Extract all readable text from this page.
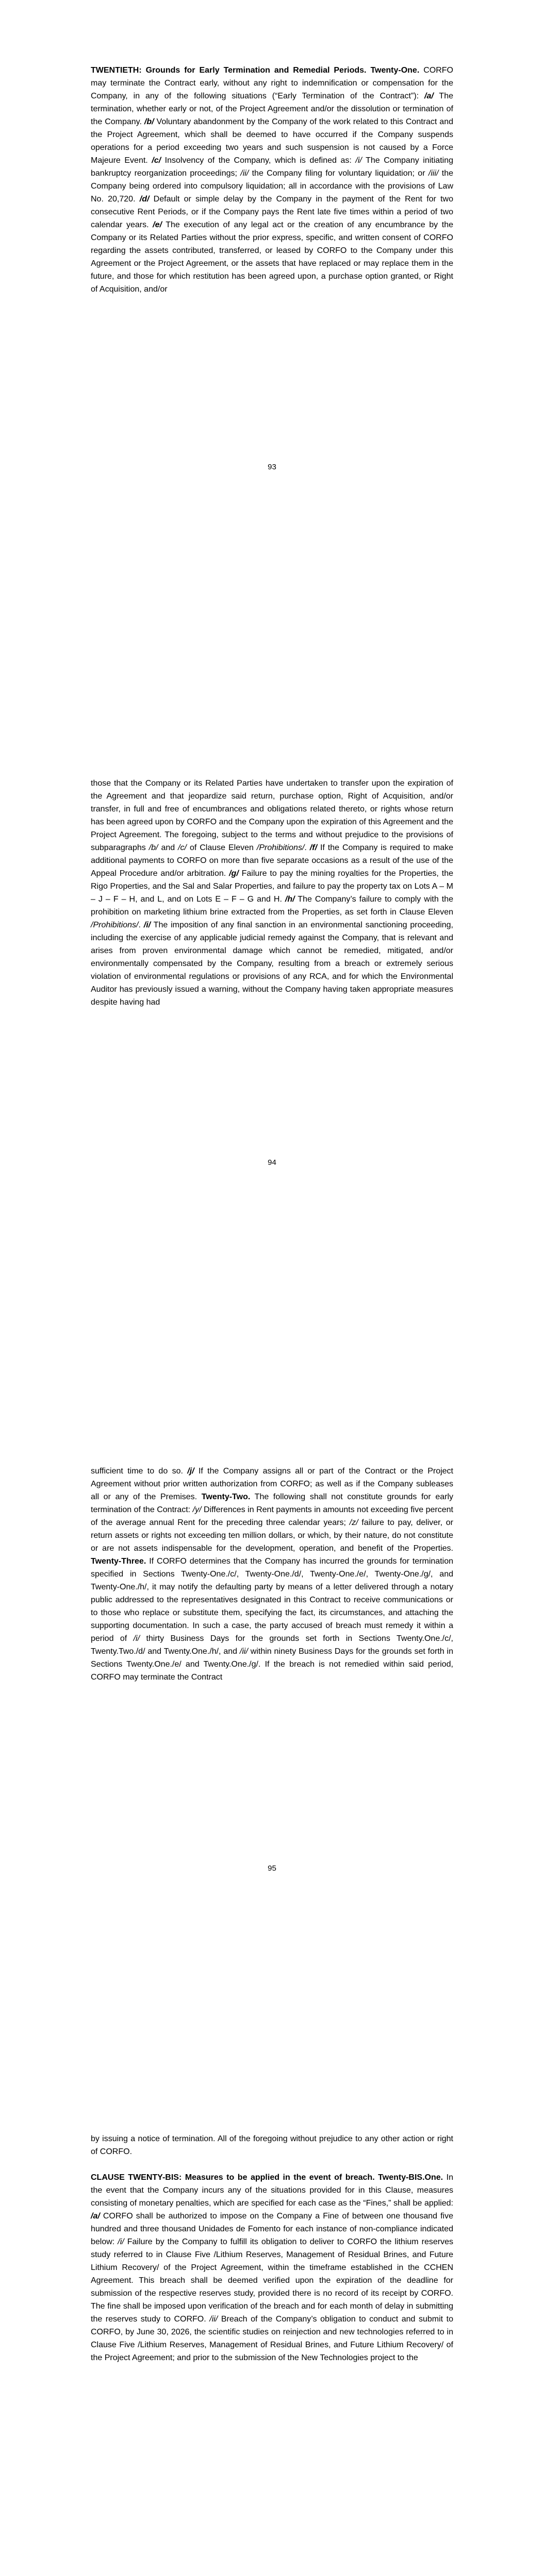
TWENTIETH: Grounds for Early Termination and Remedial Periods. Twenty-One. CORFO may terminate the Contract early, without any right to indemnification or compensation for the Company, in any of the following situations (“Early Termination of the Contract”): /a/ The termination, whether early or not, of the Project Agreement and/or the dissolution or termination of the Company. /b/ Voluntary abandonment by the Company of the work related to this Contract and the Project Agreement, which shall be deemed to have occurred if the Company suspends operations for a period exceeding two years and such suspension is not caused by a Force Majeure Event. /c/ Insolvency of the Company, which is defined as: /i/ The Company initiating bankruptcy reorganization proceedings; /ii/ the Company filing for voluntary liquidation; or /iii/ the Company being ordered into compulsory liquidation; all in accordance with the provisions of Law No. 20,720. /d/ Default or simple delay by the Company in the payment of the Rent for two consecutive Rent Periods, or if the Company pays the Rent late five times within a period of two calendar years. /e/ The execution of any legal act or the creation of any encumbrance by the Company or its Related Parties without the prior express, specific, and written consent of CORFO regarding the assets contributed, transferred, or leased by CORFO to the Company under this Agreement or the Project Agreement, or the assets that have replaced or may replace them in the future, and those for which restitution has been agreed upon, a purchase option granted, or Right of Acquisition, and/or

93

those that the Company or its Related Parties have undertaken to transfer upon the expiration of the Agreement and that jeopardize said return, purchase option, Right of Acquisition, and/or transfer, in full and free of encumbrances and obligations related thereto, or rights whose return has been agreed upon by CORFO and the Company upon the expiration of this Agreement and the Project Agreement. The foregoing, subject to the terms and without prejudice to the provisions of subparagraphs /b/ and /c/ of Clause Eleven /Prohibitions/. /f/ If the Company is required to make additional payments to CORFO on more than five separate occasions as a result of the use of the Appeal Procedure and/or arbitration. /g/ Failure to pay the mining royalties for the Properties, the Rigo Properties, and the Sal and Salar Properties, and failure to pay the property tax on Lots A – M – J – F – H, and L, and on Lots E – F – G and H. /h/ The Company’s failure to comply with the prohibition on marketing lithium brine extracted from the Properties, as set forth in Clause Eleven /Prohibitions/. /i/ The imposition of any final sanction in an environmental sanctioning proceeding, including the exercise of any applicable judicial remedy against the Company, that is relevant and arises from proven environmental damage which cannot be remedied, mitigated, and/or environmentally compensated by the Company, resulting from a breach or extremely serious violation of environmental regulations or provisions of any RCA, and for which the Environmental Auditor has previously issued a warning, without the Company having taken appropriate measures despite having had

94

sufficient time to do so. /j/ If the Company assigns all or part of the Contract or the Project Agreement without prior written authorization from CORFO; as well as if the Company subleases all or any of the Premises. Twenty-Two. The following shall not constitute grounds for early termination of the Contract: /y/ Differences in Rent payments in amounts not exceeding five percent of the average annual Rent for the preceding three calendar years; /z/ failure to pay, deliver, or return assets or rights not exceeding ten million dollars, or which, by their nature, do not constitute or are not assets indispensable for the development, operation, and benefit of the Properties. Twenty-Three. If CORFO determines that the Company has incurred the grounds for termination specified in Sections Twenty-One./c/, Twenty-One./d/, Twenty-One./e/, Twenty-One./g/, and Twenty-One./h/, it may notify the defaulting party by means of a letter delivered through a notary public addressed to the representatives designated in this Contract to receive communications or to those who replace or substitute them, specifying the fact, its circumstances, and attaching the supporting documentation. In such a case, the party accused of breach must remedy it within a period of /i/ thirty Business Days for the grounds set forth in Sections Twenty.One./c/, Twenty.Two./d/ and Twenty.One./h/, and /ii/ within ninety Business Days for the grounds set forth in Sections Twenty.One./e/ and Twenty.One./g/. If the breach is not remedied within said period, CORFO may terminate the Contract

95

by issuing a notice of termination. All of the foregoing without prejudice to any other action or right of CORFO.

CLAUSE TWENTY-BIS: Measures to be applied in the event of breach. Twenty-BIS.One. In the event that the Company incurs any of the situations provided for in this Clause, measures consisting of monetary penalties, which are specified for each case as the “Fines,” shall be applied: /a/ CORFO shall be authorized to impose on the Company a Fine of between one thousand five hundred and three thousand Unidades de Fomento for each instance of non-compliance indicated below: /i/ Failure by the Company to fulfill its obligation to deliver to CORFO the lithium reserves study referred to in Clause Five /Lithium Reserves, Management of Residual Brines, and Future Lithium Recovery/ of the Project Agreement, within the timeframe established in the CCHEN Agreement. This breach shall be deemed verified upon the expiration of the deadline for submission of the respective reserves study, provided there is no record of its receipt by CORFO. The fine shall be imposed upon verification of the breach and for each month of delay in submitting the reserves study to CORFO. /ii/ Breach of the Company’s obligation to conduct and submit to CORFO, by June 30, 2026, the scientific studies on reinjection and new technologies referred to in Clause Five /Lithium Reserves, Management of Residual Brines, and Future Lithium Recovery/ of the Project Agreement; and prior to the submission of the New Technologies project to the
